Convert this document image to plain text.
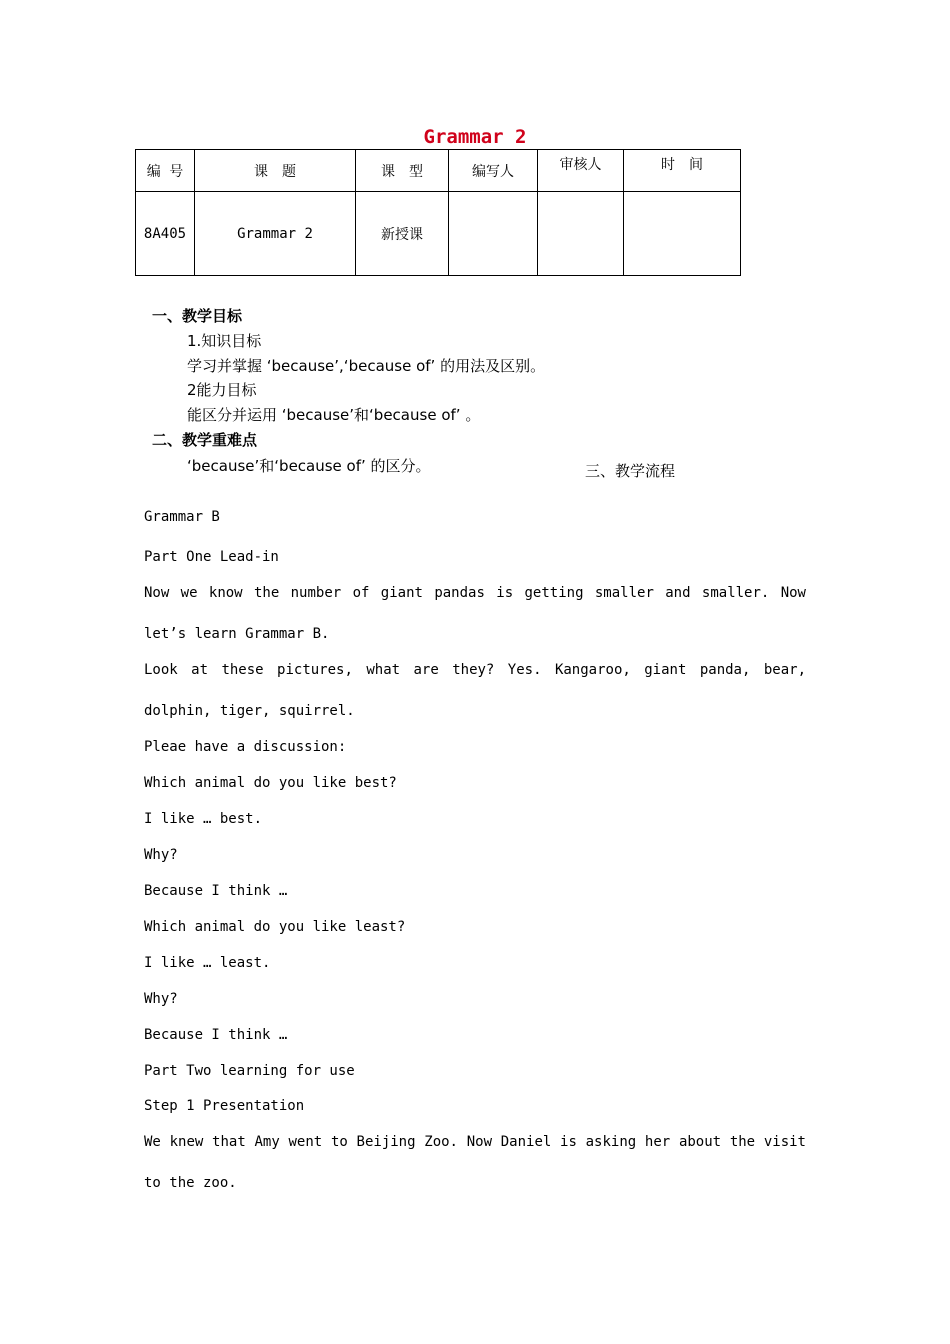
Grammar 2
编 号	课　题	课　型	编写人	审核人	时　间
8A405	Grammar 2	新授课			
一、教学目标
1.知识目标
学习并掌握 ‘because’,‘because of’ 的用法及区别。
2能力目标
能区分并运用 ‘because’和‘because of’ 。
二、教学重难点
‘because’和‘because of’ 的区分。	三、教学流程
Grammar B
Part One Lead-in
Now we know the number of giant pandas is getting smaller and smaller. Now let’s learn Grammar B.
Look at these pictures, what are they? Yes. Kangaroo, giant panda, bear, dolphin, tiger, squirrel.
Pleae have a discussion:
Which animal do you like best?
I like … best.
Why?
Because I think …
Which animal do you like least?
I like … least.
Why?
Because I think …
Part Two learning for use
Step 1 Presentation
We knew that Amy went to Beijing Zoo. Now Daniel is asking her about the visit to the zoo.
